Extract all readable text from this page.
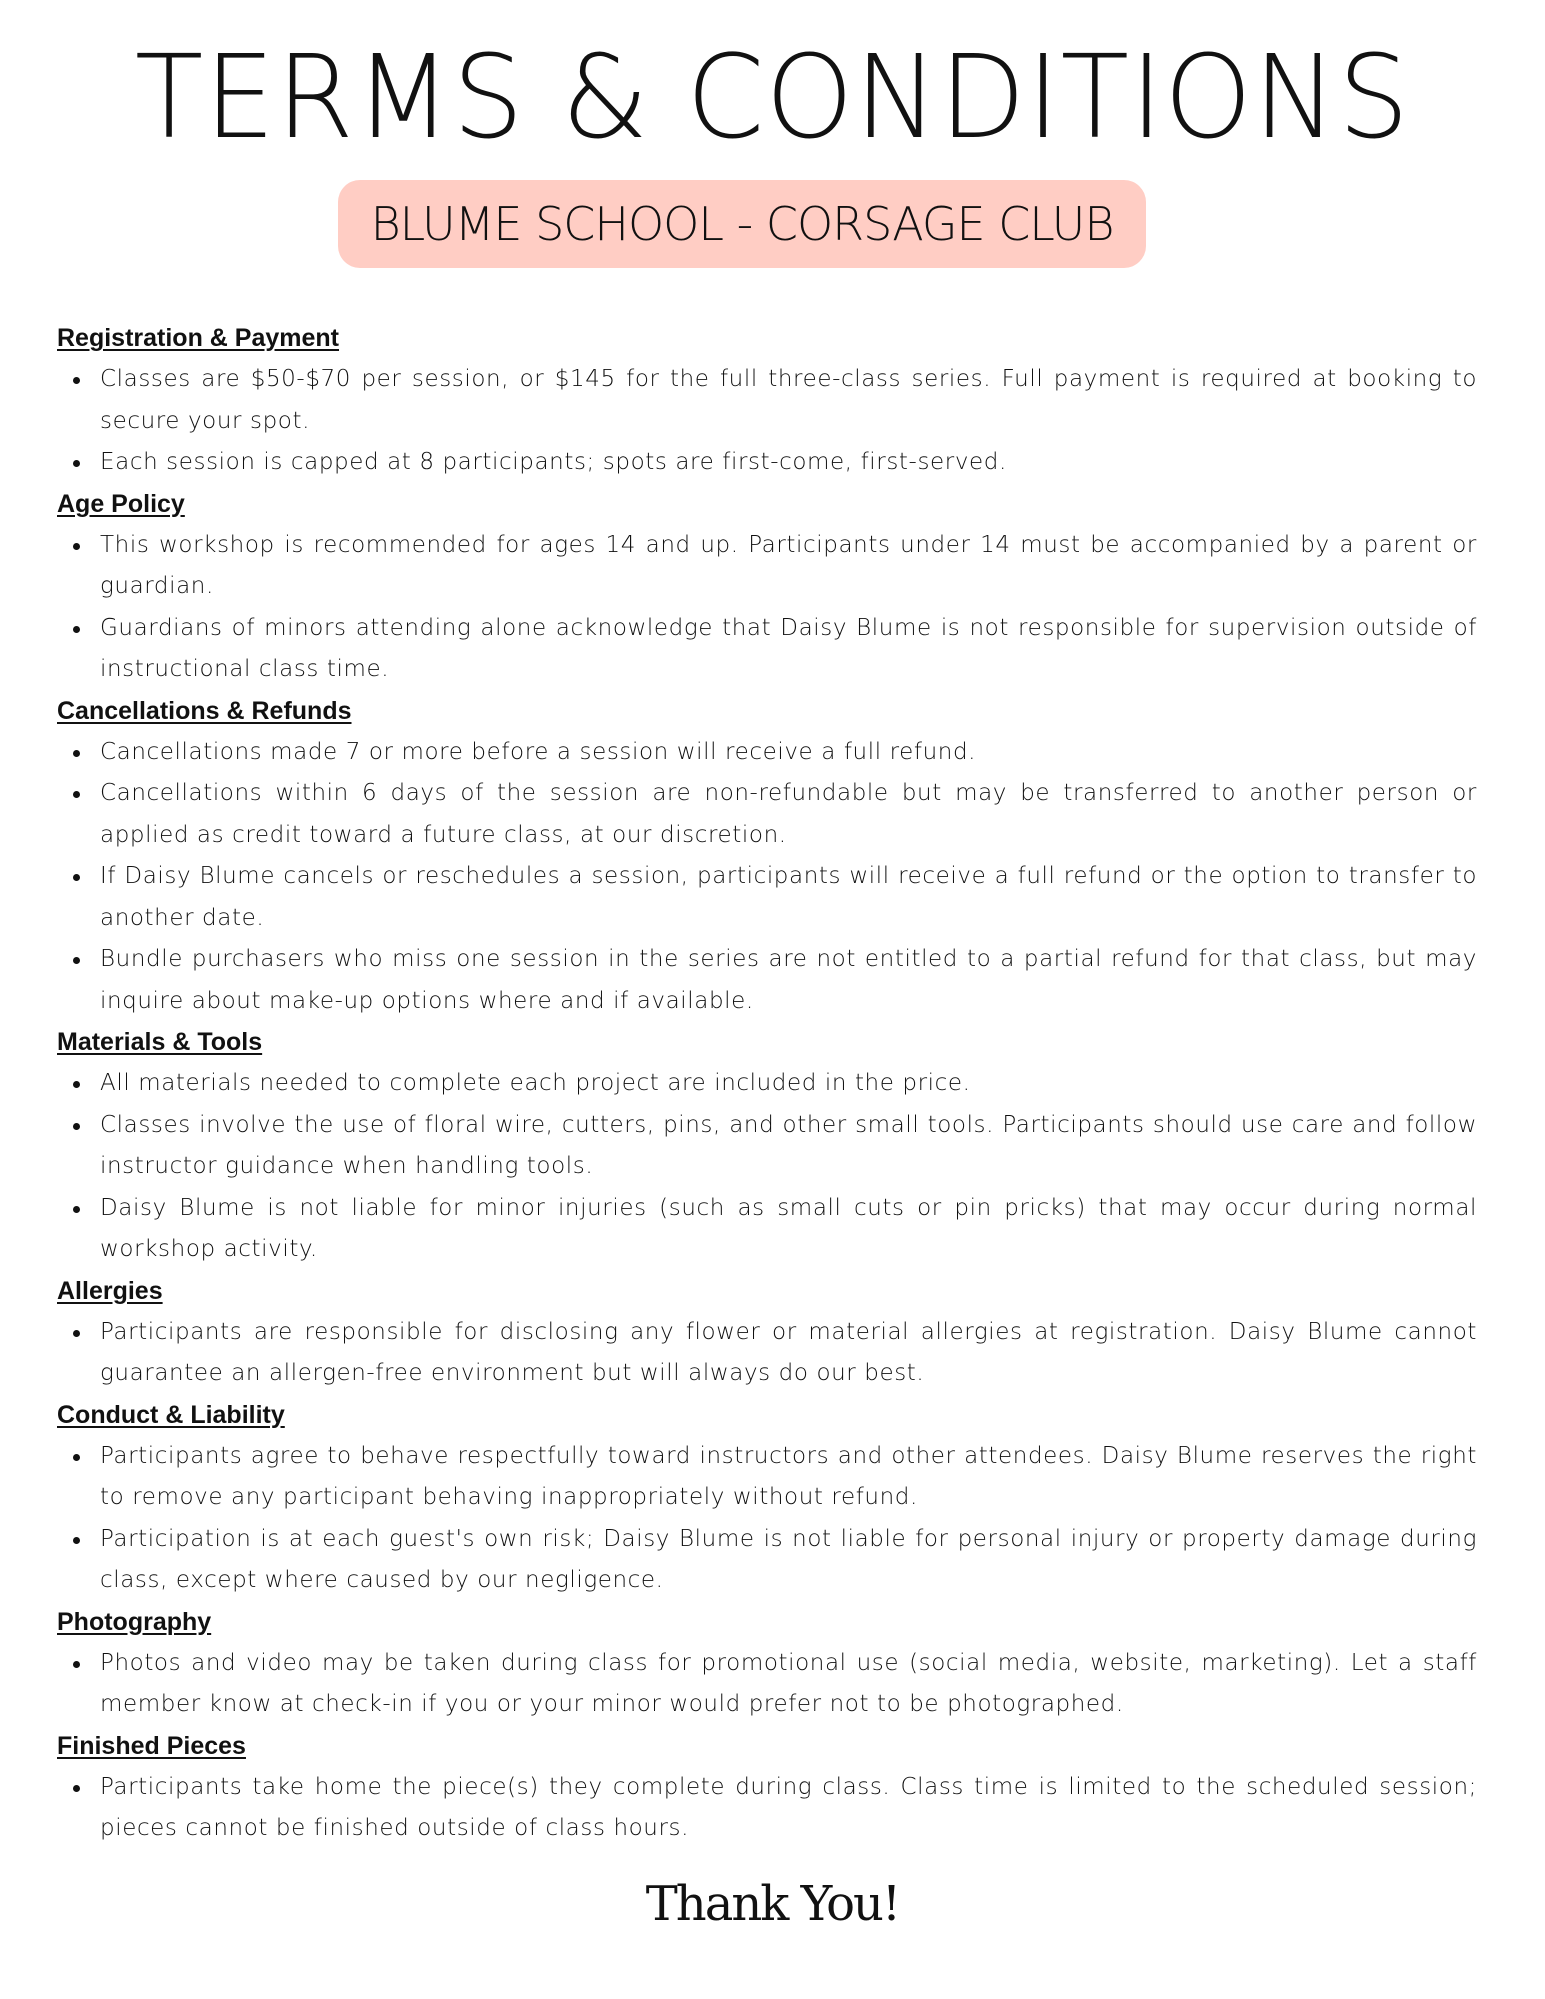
TERMS & CONDITIONS
BLUME SCHOOL - CORSAGE CLUB
Registration & Payment
Classes are $50-$70 per session, or $145 for the full three-class series. Full payment is required at booking to secure your spot.
Each session is capped at 8 participants; spots are first-come, first-served.
Age Policy
This workshop is recommended for ages 14 and up. Participants under 14 must be accompanied by a parent or guardian.
Guardians of minors attending alone acknowledge that Daisy Blume is not responsible for supervision outside of instructional class time.
Cancellations & Refunds
Cancellations made 7 or more before a session will receive a full refund.
Cancellations within 6 days of the session are non-refundable but may be transferred to another person or applied as credit toward a future class, at our discretion.
If Daisy Blume cancels or reschedules a session, participants will receive a full refund or the option to transfer to another date.
Bundle purchasers who miss one session in the series are not entitled to a partial refund for that class, but may inquire about make-up options where and if available.
Materials & Tools
All materials needed to complete each project are included in the price.
Classes involve the use of floral wire, cutters, pins, and other small tools. Participants should use care and follow instructor guidance when handling tools.
Daisy Blume is not liable for minor injuries (such as small cuts or pin pricks) that may occur during normal workshop activity.
Allergies
Participants are responsible for disclosing any flower or material allergies at registration. Daisy Blume cannot guarantee an allergen-free environment but will always do our best.
Conduct & Liability
Participants agree to behave respectfully toward instructors and other attendees. Daisy Blume reserves the right to remove any participant behaving inappropriately without refund.
Participation is at each guest's own risk; Daisy Blume is not liable for personal injury or property damage during class, except where caused by our negligence.
Photography
Photos and video may be taken during class for promotional use (social media, website, marketing). Let a staff member know at check-in if you or your minor would prefer not to be photographed.
Finished Pieces
Participants take home the piece(s) they complete during class. Class time is limited to the scheduled session; pieces cannot be finished outside of class hours.
Thank You!
